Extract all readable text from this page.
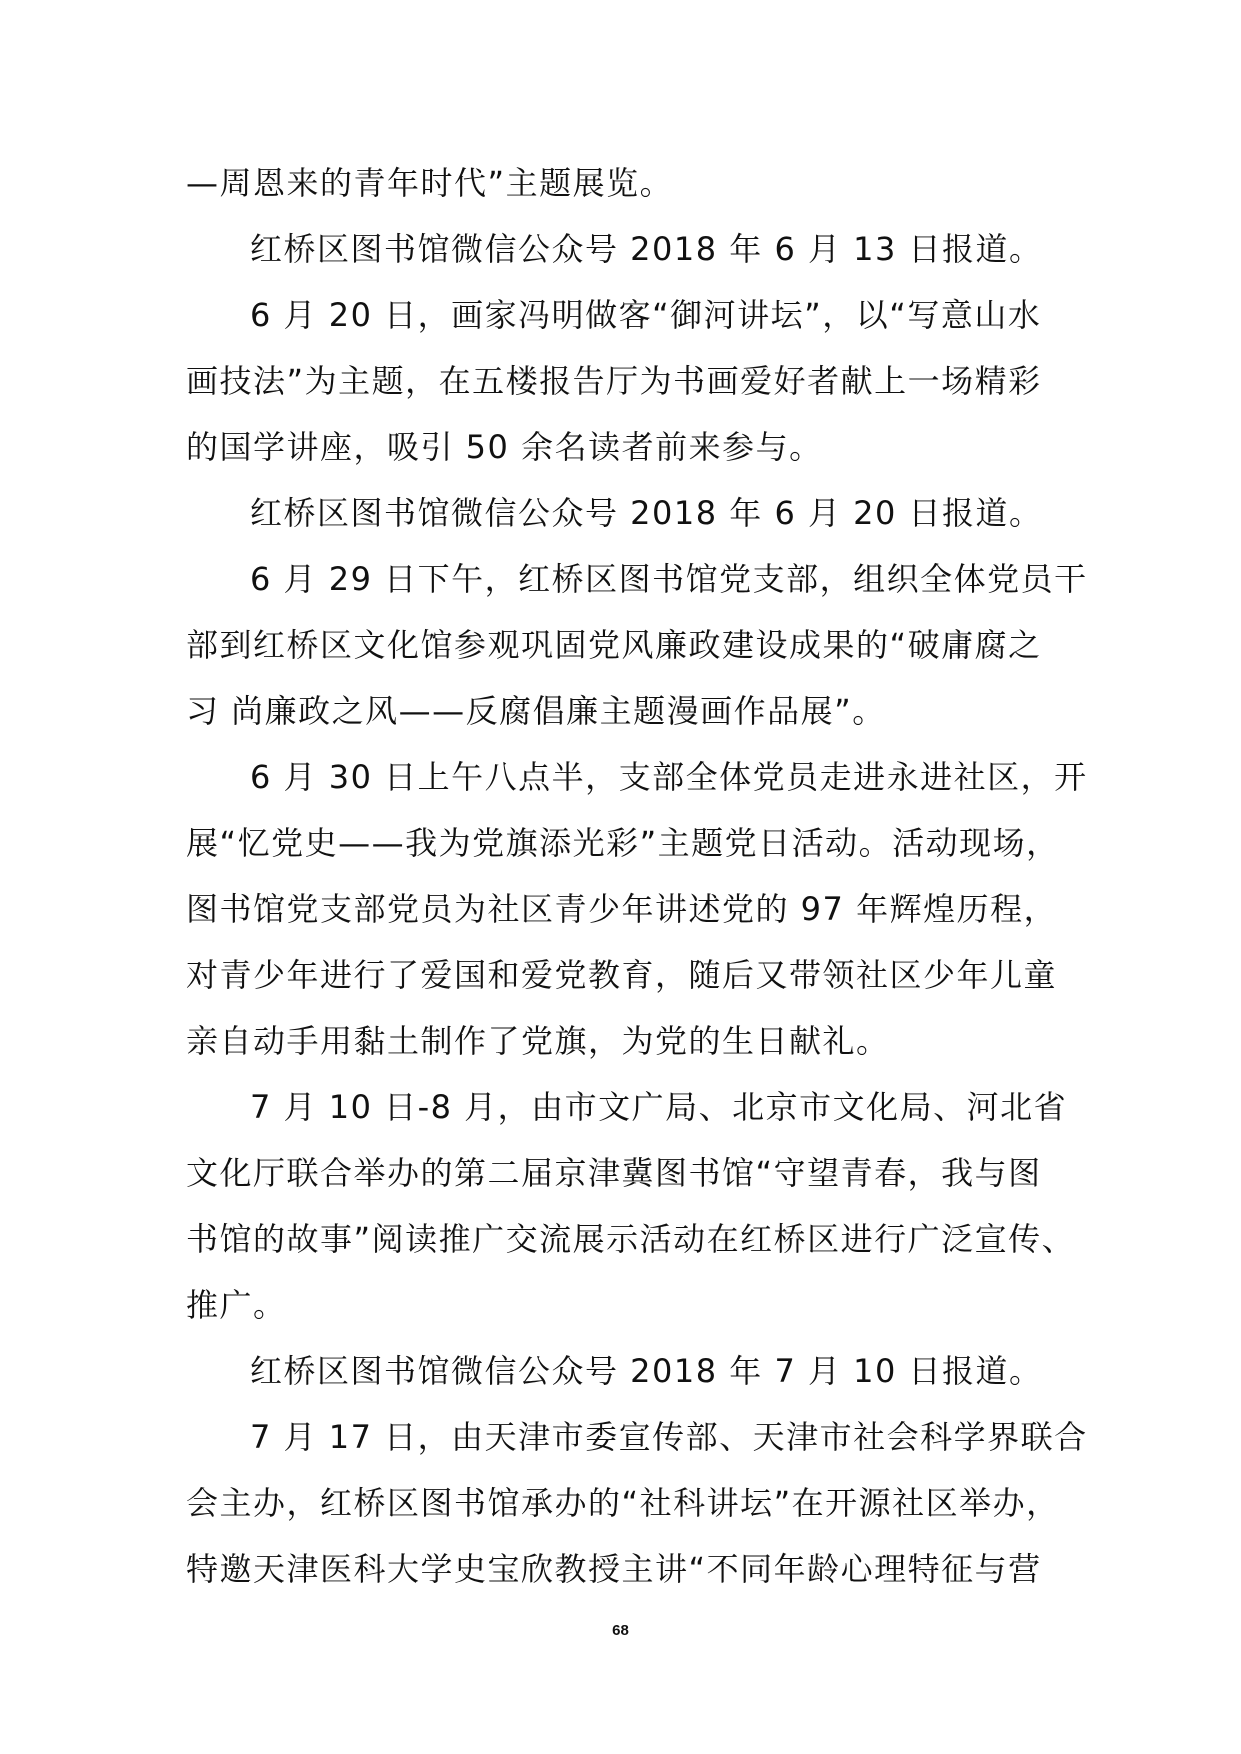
—周恩来的青年时代”主题展览。
红桥区图书馆微信公众号 2018 年 6 月 13 日报道。
6 月 20 日，画家冯明做客“御河讲坛”，以“写意山水
画技法”为主题，在五楼报告厅为书画爱好者献上一场精彩
的国学讲座，吸引 50 余名读者前来参与。
红桥区图书馆微信公众号 2018 年 6 月 20 日报道。
6 月 29 日下午，红桥区图书馆党支部，组织全体党员干
部到红桥区文化馆参观巩固党风廉政建设成果的“破庸腐之
习 尚廉政之风——反腐倡廉主题漫画作品展”。
6 月 30 日上午八点半，支部全体党员走进永进社区，开
展“忆党史——我为党旗添光彩”主题党日活动。活动现场，
图书馆党支部党员为社区青少年讲述党的 97 年辉煌历程，
对青少年进行了爱国和爱党教育，随后又带领社区少年儿童
亲自动手用黏土制作了党旗，为党的生日献礼。
7 月 10 日-8 月，由市文广局、北京市文化局、河北省
文化厅联合举办的第二届京津冀图书馆“守望青春，我与图
书馆的故事”阅读推广交流展示活动在红桥区进行广泛宣传、
推广。
红桥区图书馆微信公众号 2018 年 7 月 10 日报道。
7 月 17 日，由天津市委宣传部、天津市社会科学界联合
会主办，红桥区图书馆承办的“社科讲坛”在开源社区举办，
特邀天津医科大学史宝欣教授主讲“不同年龄心理特征与营
68
